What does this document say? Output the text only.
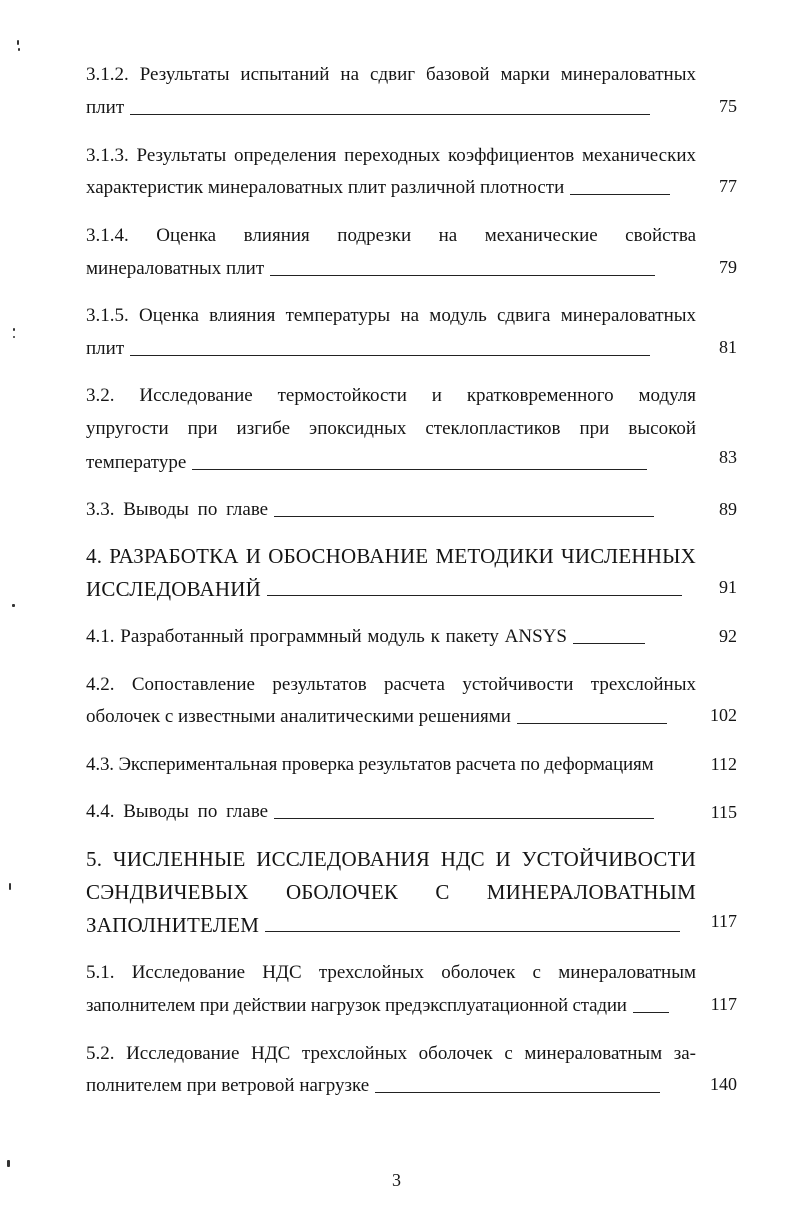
3.1.2. Результаты испытаний на сдвиг базовой марки минераловатных
плит	75
3.1.3. Результаты определения переходных коэффициентов механических
характеристик минераловатных плит различной плотности	77
3.1.4. Оценка влияния подрезки на механические свойства
минераловатных плит	79
3.1.5. Оценка влияния температуры на модуль сдвига минераловатных
плит	81
3.2. Исследование термостойкости и кратковременного модуля
упругости при изгибе эпоксидных стеклопластиков при высокой
температуре	83
3.3. Выводы по главе	89
4. РАЗРАБОТКА И ОБОСНОВАНИЕ МЕТОДИКИ ЧИСЛЕННЫХ
ИССЛЕДОВАНИЙ	91
4.1. Разработанный программный модуль к пакету ANSYS	92
4.2. Сопоставление результатов расчета устойчивости трехслойных
оболочек с известными аналитическими решениями	102
4.3. Экспериментальная проверка результатов расчета по деформациям	112
4.4. Выводы по главе	115
5. ЧИСЛЕННЫЕ ИССЛЕДОВАНИЯ НДС И УСТОЙЧИВОСТИ
СЭНДВИЧЕВЫХ ОБОЛОЧЕК С МИНЕРАЛОВАТНЫМ
ЗАПОЛНИТЕЛЕМ	117
5.1. Исследование НДС трехслойных оболочек с минераловатным
заполнителем при действии нагрузок предэксплуатационной стадии	117
5.2. Исследование НДС трехслойных оболочек с минераловатным за-
полнителем при ветровой нагрузке	140
3
